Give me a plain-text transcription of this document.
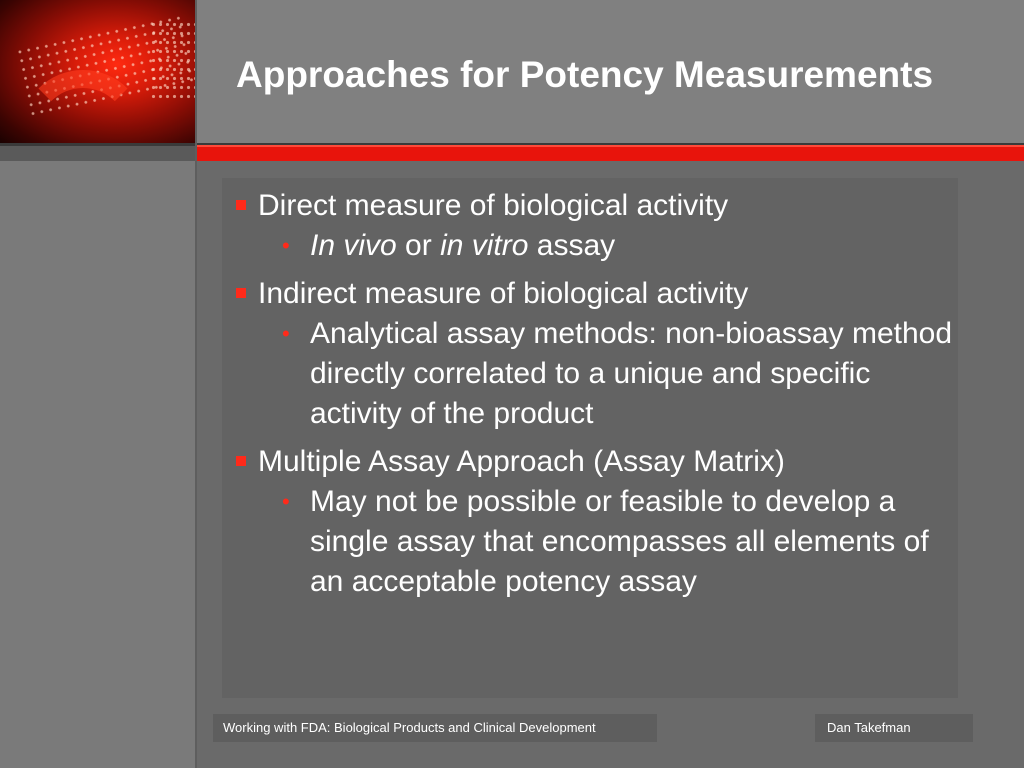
Approaches for Potency Measurements
Direct measure of biological activity
• In vivo or in vitro assay
Indirect measure of biological activity
• Analytical assay methods: non-bioassay method directly correlated to a unique and specific activity of the product
Multiple Assay Approach (Assay Matrix)
• May not be possible or feasible to develop a single assay that encompasses all elements of an acceptable potency assay
Working with FDA: Biological Products and Clinical Development	Dan Takefman
